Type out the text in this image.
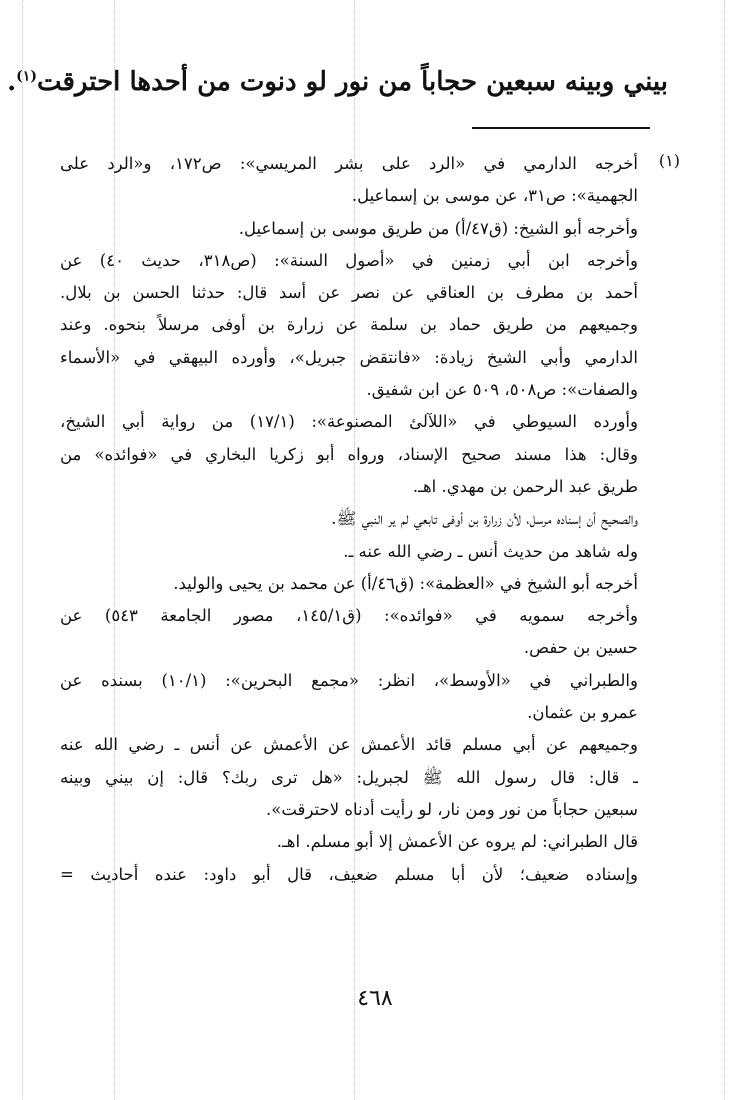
بيني وبينه سبعين حجاباً من نور لو دنوت من أحدها احترقت$^{(١)}$.
(١)
أخرجه الدارمي في «الرد على بشر المريسي»: ص١٧٢، و«الرد على
الجهمية»: ص٣١، عن موسى بن إسماعيل.
وأخرجه أبو الشيخ: (ق٤٧/أ) من طريق موسى بن إسماعيل.
وأخرجه ابن أبي زمنين في «أصول السنة»: (ص٣١٨، حديث ٤٠) عن
أحمد بن مطرف بن العناقي عن نصر عن أسد قال: حدثنا الحسن بن بلال.
وجميعهم من طريق حماد بن سلمة عن زرارة بن أوفى مرسلاً بنحوه. وعند
الدارمي وأبي الشيخ زيادة: «فانتقض جبريل»، وأورده البيهقي في «الأسماء
والصفات»: ص٥٠٨، ٥٠٩ عن ابن شفيق.
وأورده السيوطي في «اللآلئ المصنوعة»: (١٧/١) من رواية أبي الشيخ،
وقال: هذا مسند صحيح الإسناد، ورواه أبو زكريا البخاري في «فوائده» من
طريق عبد الرحمن بن مهدي. اهـ.
والصحيح أن إسناده مرسل، لأن زرارة بن أوفى تابعي لم ير النبي ﷺ.
وله شاهد من حديث أنس ـ رضي الله عنه ـ.
أخرجه أبو الشيخ في «العظمة»: (ق٤٦/أ) عن محمد بن يحيى والوليد.
وأخرجه سمويه في «فوائده»: (ق١٤٥/١، مصور الجامعة ٥٤٣) عن
حسين بن حفص.
والطبراني في «الأوسط»، انظر: «مجمع البحرين»: (١٠/١) بسنده عن
عمرو بن عثمان.
وجميعهم عن أبي مسلم قائد الأعمش عن الأعمش عن أنس ـ رضي الله عنه
ـ قال: قال رسول الله ﷺ لجبريل: «هل ترى ربك؟ قال: إن بيني وبينه
سبعين حجاباً من نور ومن نار، لو رأيت أدناه لاحترقت».
قال الطبراني: لم يروه عن الأعمش إلا أبو مسلم. اهـ.
وإسناده ضعيف؛ لأن أبا مسلم ضعيف، قال أبو داود: عنده أحاديث =
٤٦٨
